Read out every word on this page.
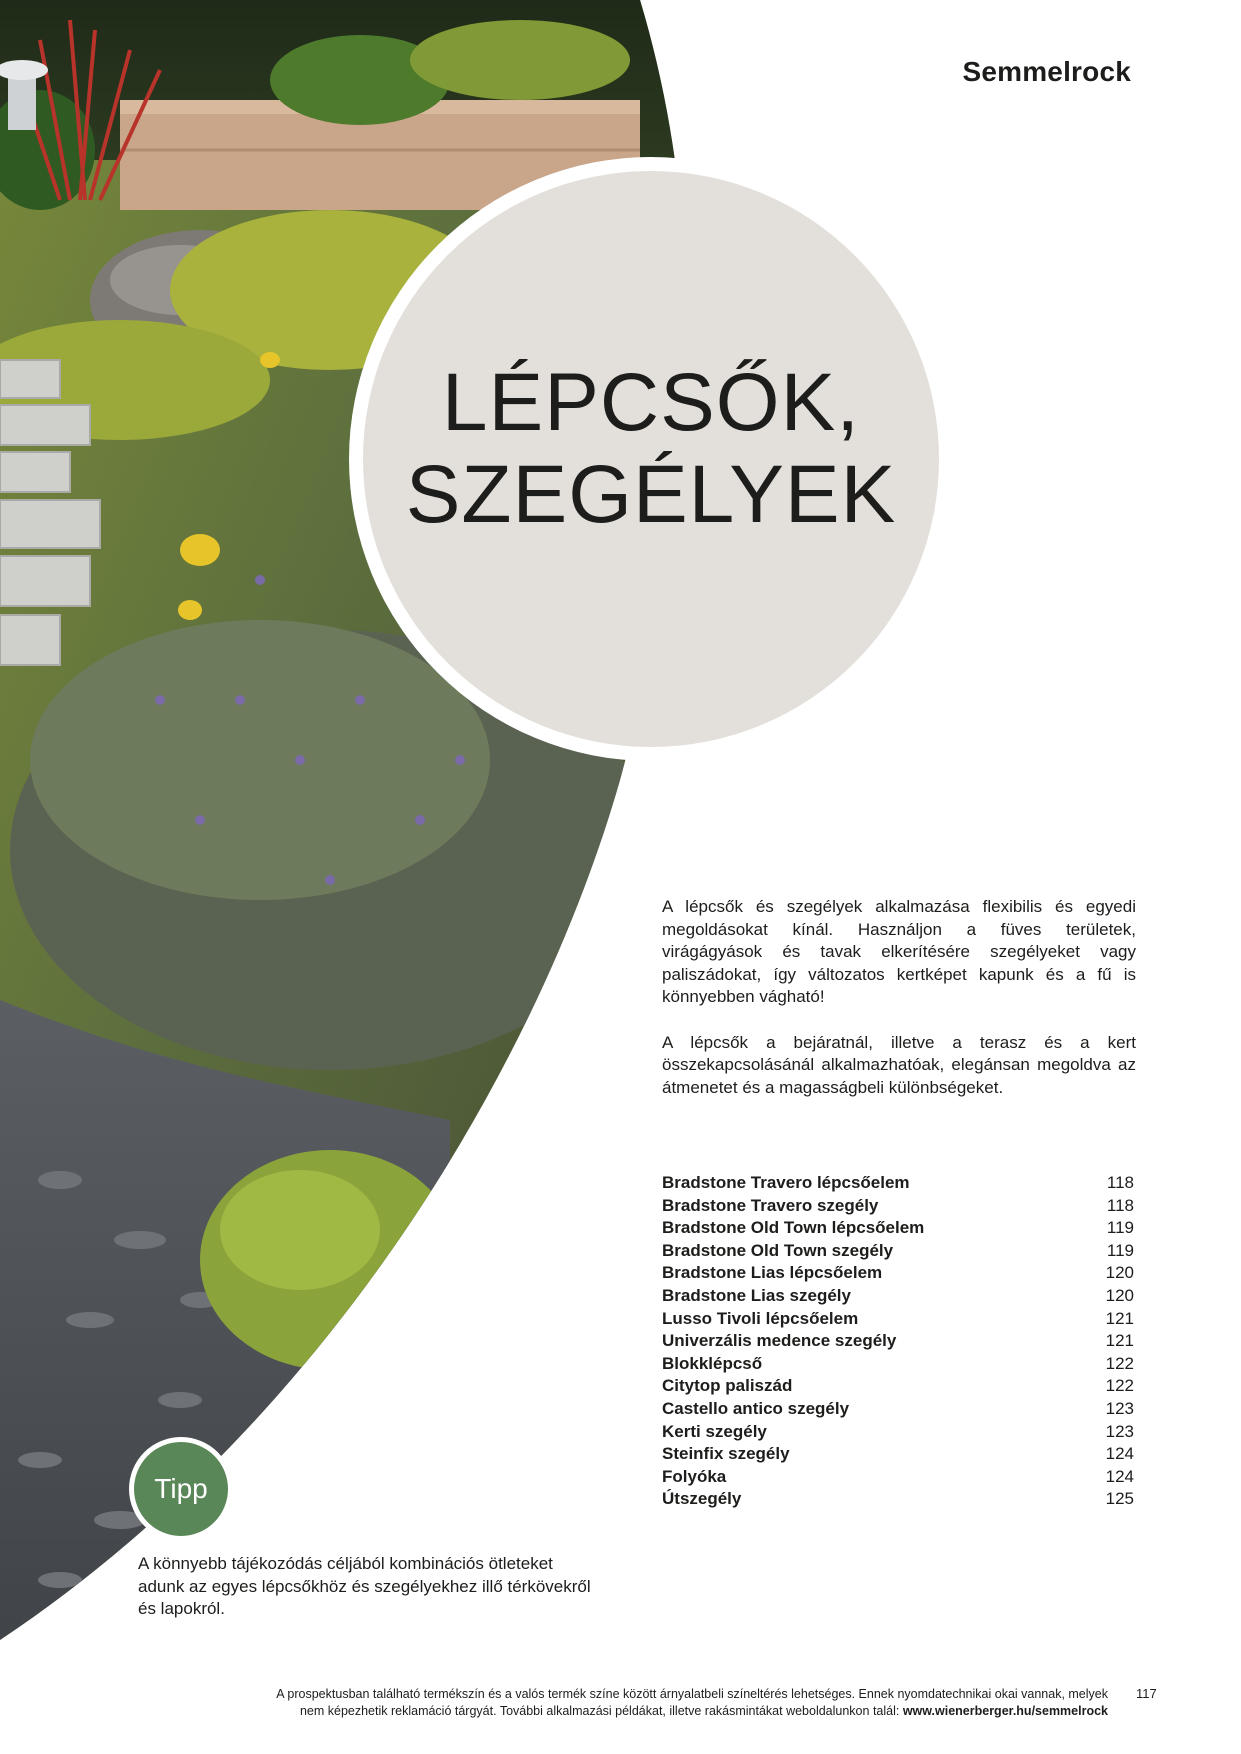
Semmelrock
LÉPCSŐK,
SZEGÉLYEK

A lépcsők és szegélyek alkalmazása flexibilis és egyedi megoldásokat kínál. Használjon a füves területek, virágágyások és tavak elkerítésére szegélyeket vagy paliszádokat, így változatos kertképet kapunk és a fű is könnyebben vágható!

A lépcsők a bejáratnál, illetve a terasz és a kert összekapcsolásánál alkalmazhatóak, elegánsan megoldva az átmenetet és a magasságbeli különbségeket.

Bradstone Travero lépcsőelem	118
Bradstone Travero szegély	118
Bradstone Old Town lépcsőelem	119
Bradstone Old Town szegély	119
Bradstone Lias lépcsőelem	120
Bradstone Lias szegély	120
Lusso Tivoli lépcsőelem	121
Univerzális medence szegély	121
Blokklépcső	122
Citytop paliszád	122
Castello antico szegély	123
Kerti szegély	123
Steinfix szegély	124
Folyóka	124
Útszegély	125
Tipp
A könnyebb tájékozódás céljából kombinációs ötleteket adunk az egyes lépcsőkhöz és szegélyekhez illő térkövekről és lapokról.
A prospektusban található termékszín és a valós termék színe között árnyalatbeli színeltérés lehetséges. Ennek nyomdatechnikai okai vannak, melyek
nem képezhetik reklamáció tárgyát. További alkalmazási példákat, illetve rakásmintákat weboldalunkon talál: www.wienerberger.hu/semmelrock
117
